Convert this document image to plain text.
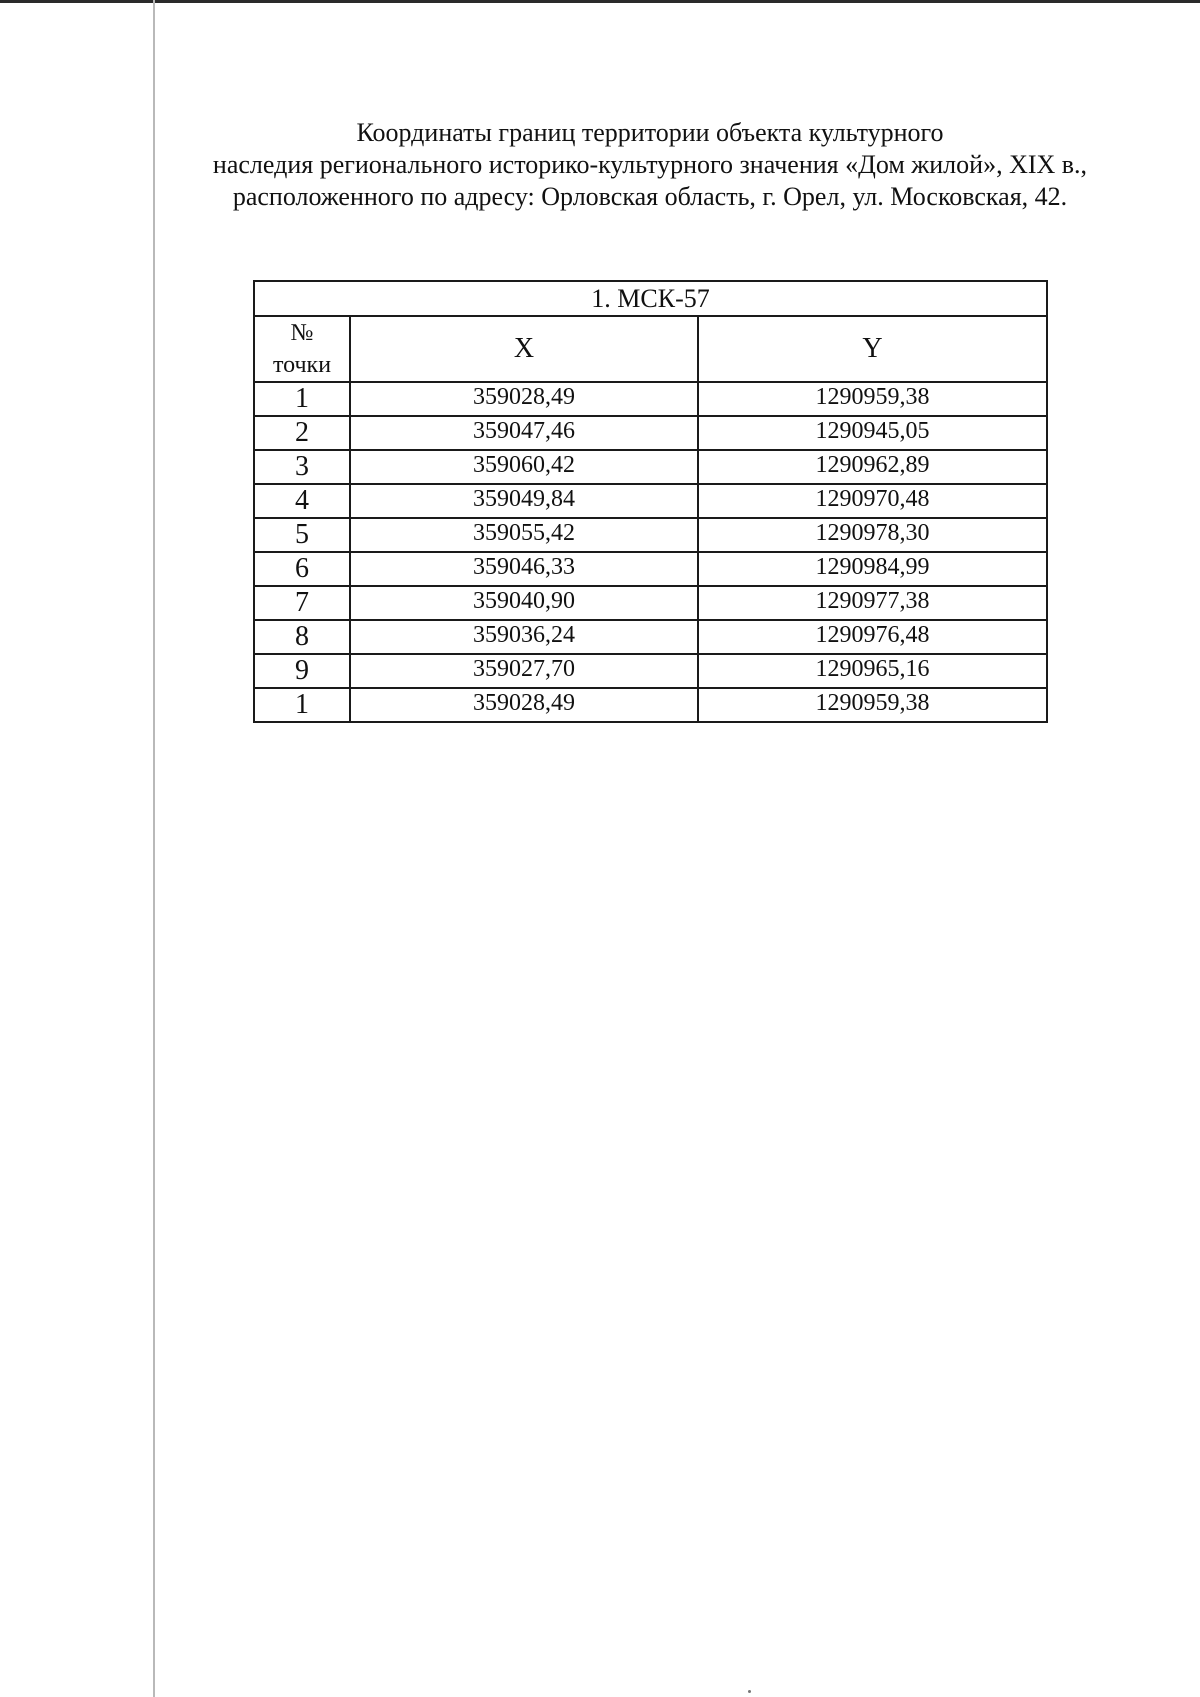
Координаты границ территории объекта культурного
наследия регионального историко-культурного значения «Дом жилой», XIX в.,
расположенного по адресу: Орловская область, г. Орел, ул. Московская, 42.
1. МСК-57		

№
точки	X	Y
1	359028,49	1290959,38
2	359047,46	1290945,05
3	359060,42	1290962,89
4	359049,84	1290970,48
5	359055,42	1290978,30
6	359046,33	1290984,99
7	359040,90	1290977,38
8	359036,24	1290976,48
9	359027,70	1290965,16
1	359028,49	1290959,38
